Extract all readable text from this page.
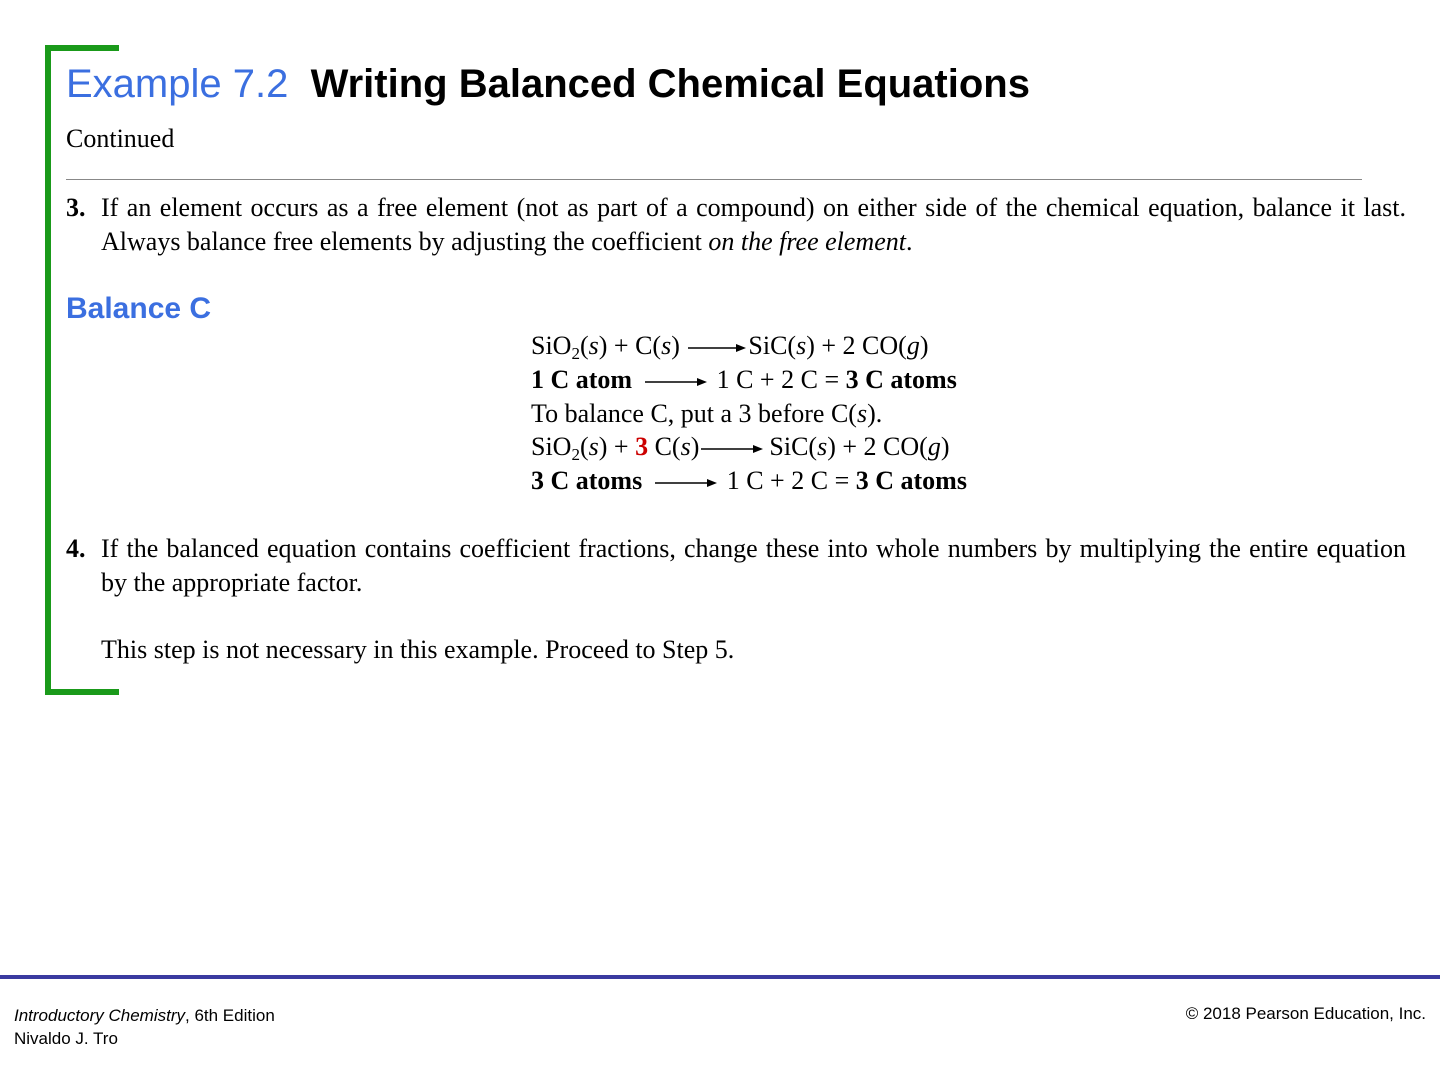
Example 7.2 Writing Balanced Chemical Equations
Continued
3. If an element occurs as a free element (not as part of a compound) on either side of the chemical equation, balance it last. Always balance free elements by adjusting the coefficient on the free element.
Balance C
SiO$_2$(s) + C(s) →SiC(s) + 2 CO(g)
1 C atom	1 C + 2 C = 3 C atoms
To balance C, put a 3 before C(s).
SiO$_2$(s) + 3 C(s)→ SiC(s) + 2 CO(g)
3 C atoms	1 C + 2 C = 3 C atoms
4. If the balanced equation contains coefficient fractions, change these into whole numbers by multiplying the entire equation by the appropriate factor.
This step is not necessary in this example. Proceed to Step 5.
Introductory Chemistry, 6th Edition
Nivaldo J. Tro
© 2018 Pearson Education, Inc.
